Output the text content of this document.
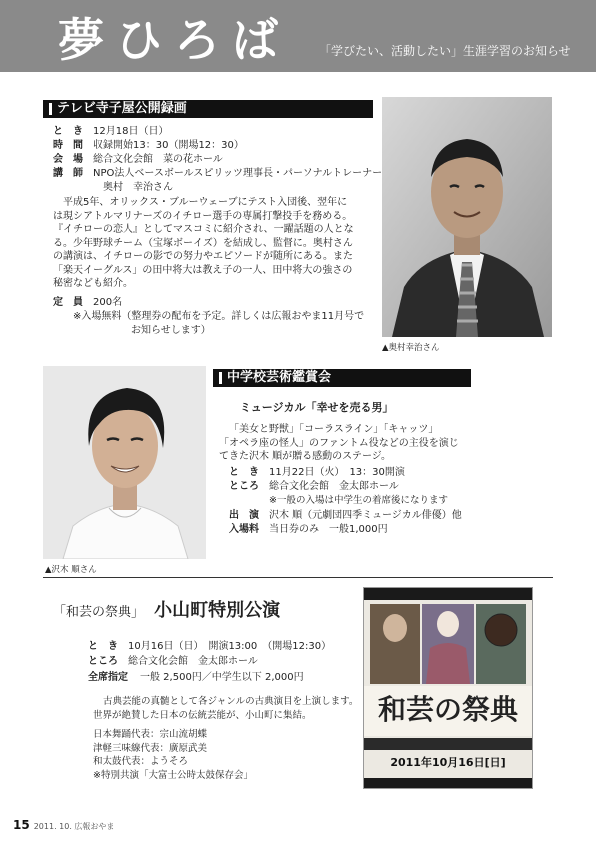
夢ひろば 「学びたい、活動したい」生涯学習のお知らせ
テレビ寺子屋公開録画
と　き 12月18日（日）
時　間 収録開始13：30（開場12：30）
会　場 総合文化会館　菜の花ホール
講　師 NPO法人ベースボールスピリッツ理事長・パーソナルトレーナー
奥村　幸治さん
平成5年、オリックス・ブルーウェーブにテスト入団後、翌年に
は現シアトルマリナーズのイチロー選手の専属打撃投手を務める。
『イチローの恋人』としてマスコミに紹介され、一躍話題の人とな
る。少年野球チーム（宝塚ボーイズ）を結成し、監督に。奥村さん
の講演は、イチローの影での努力やエピソードが随所にある。また
「楽天イーグルス」の田中将大は教え子の一人、田中将大の強さの
秘密なども紹介。
定　員 200名
※入場無料（整理券の配布を予定。詳しくは広報おやま11月号で
お知らせします）
▲奥村幸治さん
中学校芸術鑑賞会
▲沢木 順さん
ミュージカル「幸せを売る男」
「美女と野獣」「コーラスライン」「キャッツ」
「オペラ座の怪人」のファントム役などの主役を演じ
てきた沢木 順が贈る感動のステージ。
と　き 11月22日（火）　13：30開演
ところ 総合文化会館　金太郎ホール
※一般の入場は中学生の着席後になります
出　演 沢木 順（元劇団四季ミュージカル俳優）他
入場料 当日券のみ　一般1,000円
「和芸の祭典」 小山町特別公演
と　き 10月16日（日）　開演13:00　（開場12:30）
ところ 総合文化会館　金太郎ホール
全席指定 一般 2,500円／中学生以下 2,000円
古典芸能の真髄として各ジャンルの古典演目を上演します。
世界が絶賛した日本の伝統芸能が、小山町に集結。
日本舞踊代表：宗山流胡蝶
津軽三味線代表：廣原武美
和太鼓代表：ようそろ
※特別共演「大富士公時太鼓保存会」
和芸の祭典
2011年10月16日[日]
15 2011. 10. 広報おやま
